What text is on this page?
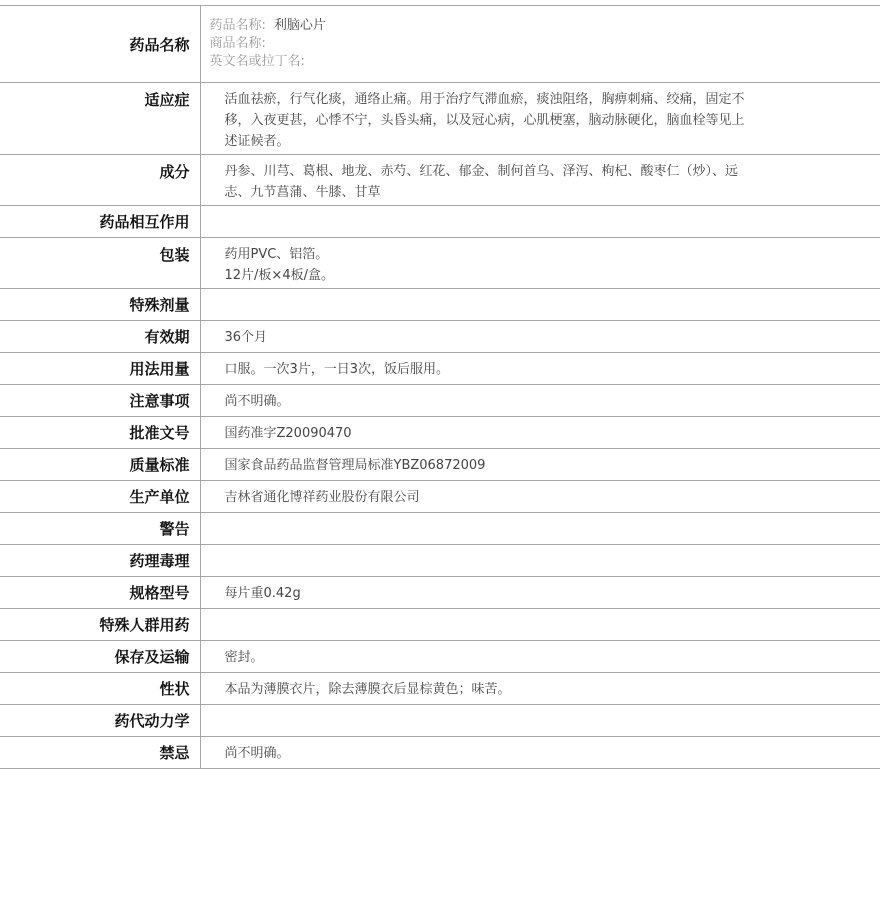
药品名称	药品名称: 利脑心片
商品名称:
英文名或拉丁名:

适应症	活血祛瘀，行气化痰，通络止痛。用于治疗气滞血瘀，痰浊阻络，胸痹刺痛、绞痛，固定不
移，入夜更甚，心悸不宁，头昏头痛，以及冠心病，心肌梗塞，脑动脉硬化，脑血栓等见上
述证候者。

成分	丹参、川芎、葛根、地龙、赤芍、红花、郁金、制何首乌、泽泻、枸杞、酸枣仁（炒）、远
志、九节菖蒲、牛膝、甘草

药品相互作用	

包装	药用PVC、铝箔。
12片/板×4板/盒。

特殊剂量	

有效期	36个月

用法用量	口服。一次3片，一日3次，饭后服用。

注意事项	尚不明确。

批准文号	国药准字Z20090470

质量标准	国家食品药品监督管理局标准YBZ06872009

生产单位	吉林省通化博祥药业股份有限公司

警告	

药理毒理	

规格型号	每片重0.42g

特殊人群用药	

保存及运输	密封。

性状	本品为薄膜衣片，除去薄膜衣后显棕黄色；味苦。

药代动力学	

禁忌	尚不明确。
